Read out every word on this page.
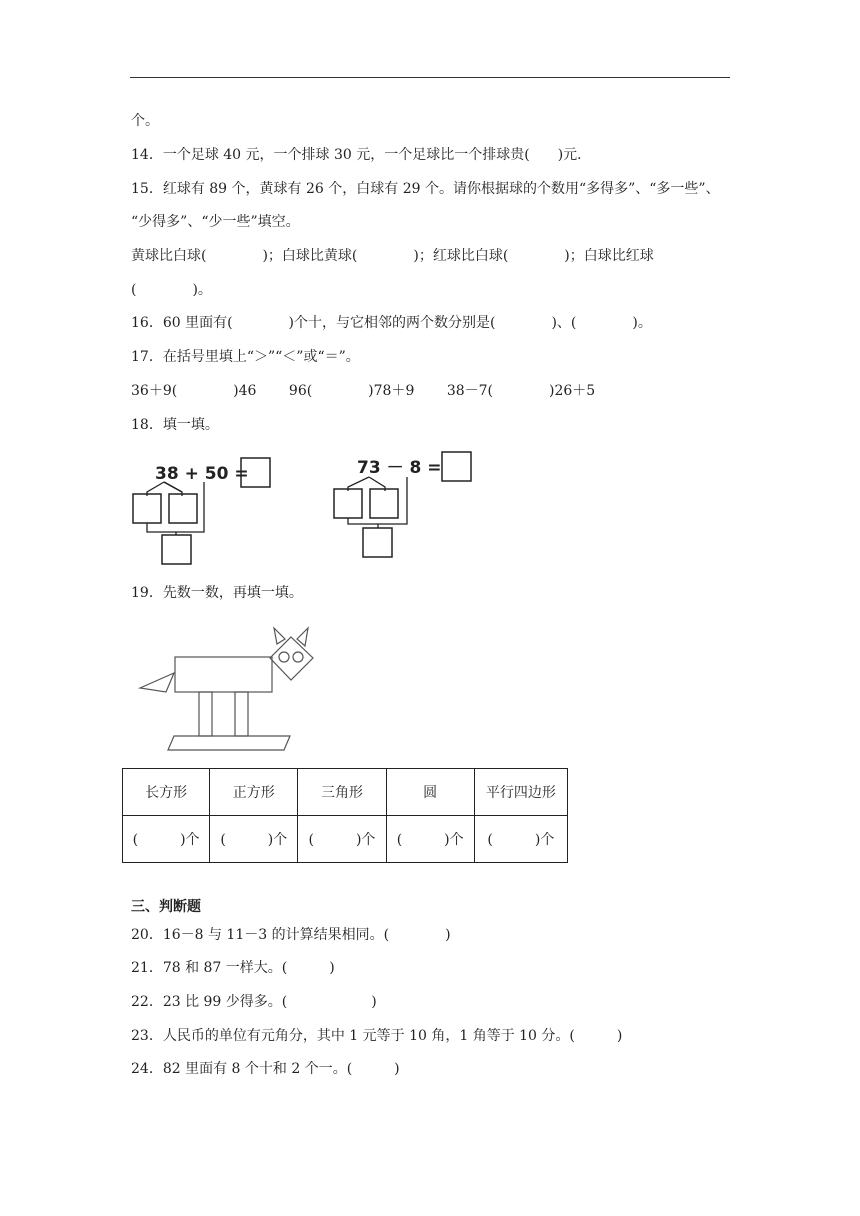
个。
14．一个足球 40 元，一个排球 30 元，一个足球比一个排球贵(　　)元．
15．红球有 89 个，黄球有 26 个，白球有 29 个。请你根据球的个数用“多得多”、“多一些”、
“少得多”、“少一些”填空。
黄球比白球(　　　　)；白球比黄球(　　　　)；红球比白球(　　　　)；白球比红球
(　　　　)。
16．60 里面有(　　　　)个十，与它相邻的两个数分别是(　　　　)、(　　　　)。
17．在括号里填上“＞”“＜”或“＝”。
36＋9(　　　　)46　　 96(　　　　)78＋9　　 38－7(　　　　)26＋5
18．填一填。
38 + 50 =	73 － 8 =
19．先数一数，再填一填。
长方形	正方形	三角形	圆	平行四边形
(　　　)个	(　　　)个	(　　　)个	(　　　)个	(　　　)个
三、判断题
20．16－8 与 11－3 的计算结果相同。(　　　　)
21．78 和 87 一样大。(　　　)
22．23 比 99 少得多。(　　　　　　)
23．人民币的单位有元角分，其中 1 元等于 10 角，1 角等于 10 分。(　　　)
24．82 里面有 8 个十和 2 个一。(　　　)
